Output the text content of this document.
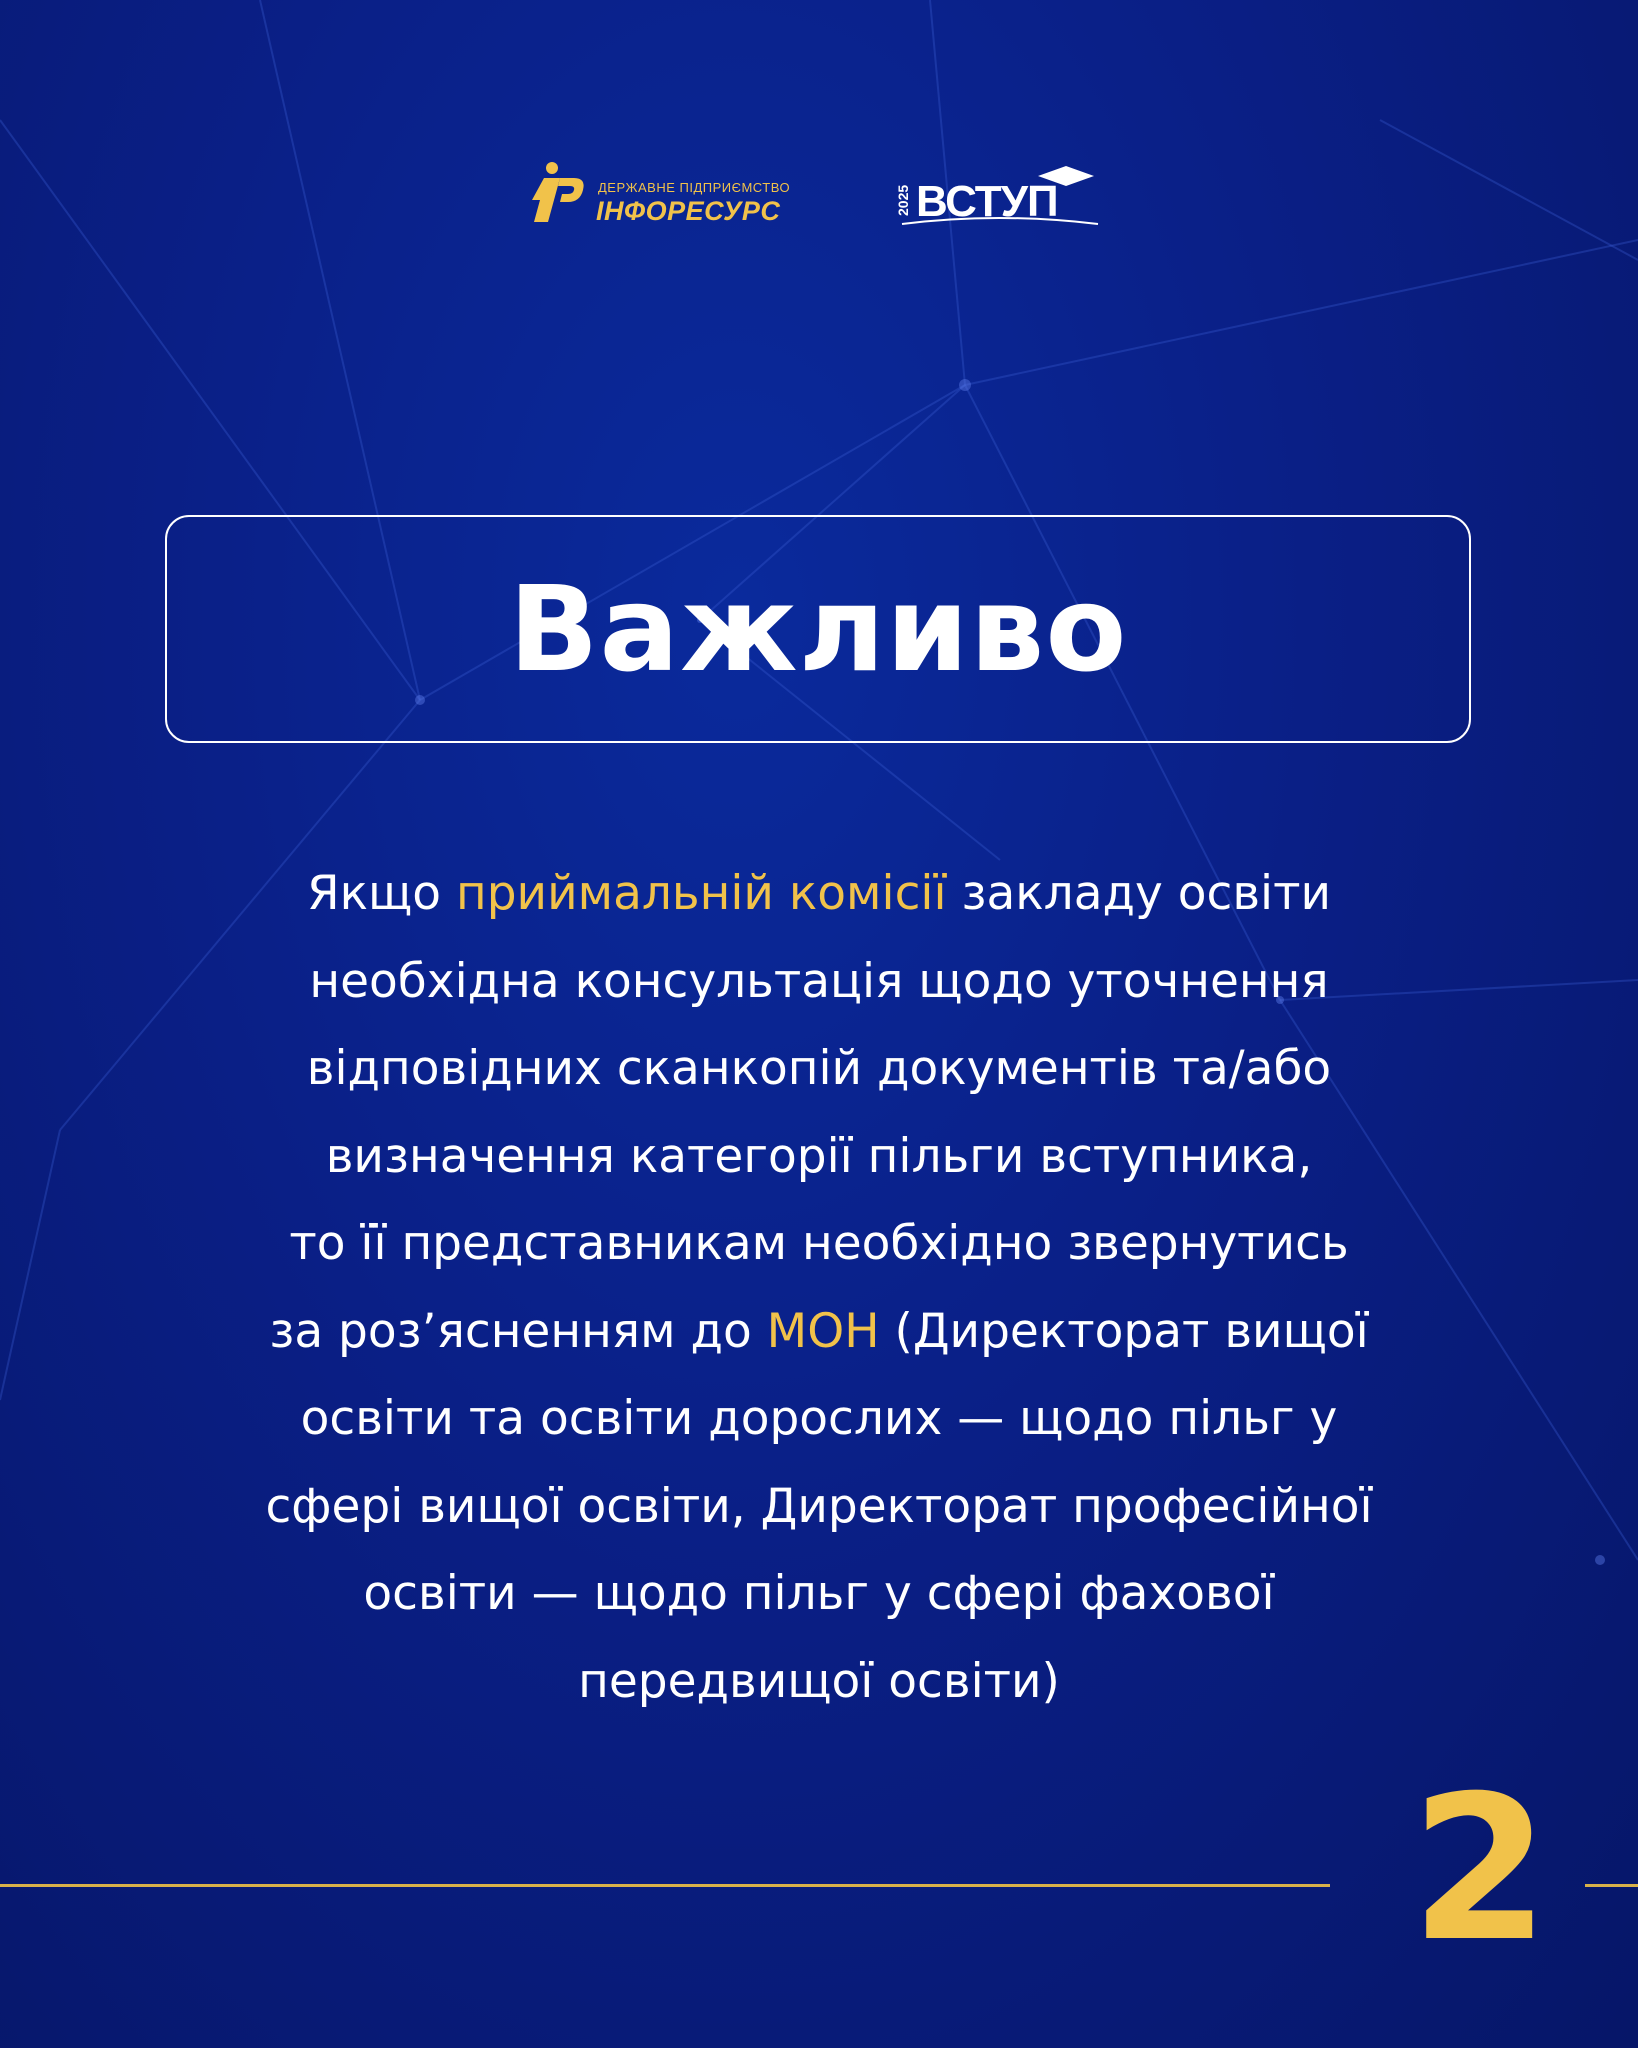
ДЕРЖАВНЕ ПІДПРИЄМСТВО
ІНФОРЕСУРС	2025 ВСТУП
Важливо
Якщо приймальній комісії закладу освіти
необхідна консультація щодо уточнення
відповідних сканкопій документів та/або
визначення категорії пільги вступника,
то її представникам необхідно звернутись
за роз’ясненням до МОН (Директорат вищої
освіти та освіти дорослих — щодо пільг у
сфері вищої освіти, Директорат професійної
освіти — щодо пільг у сфері фахової
передвищої освіти)
2
